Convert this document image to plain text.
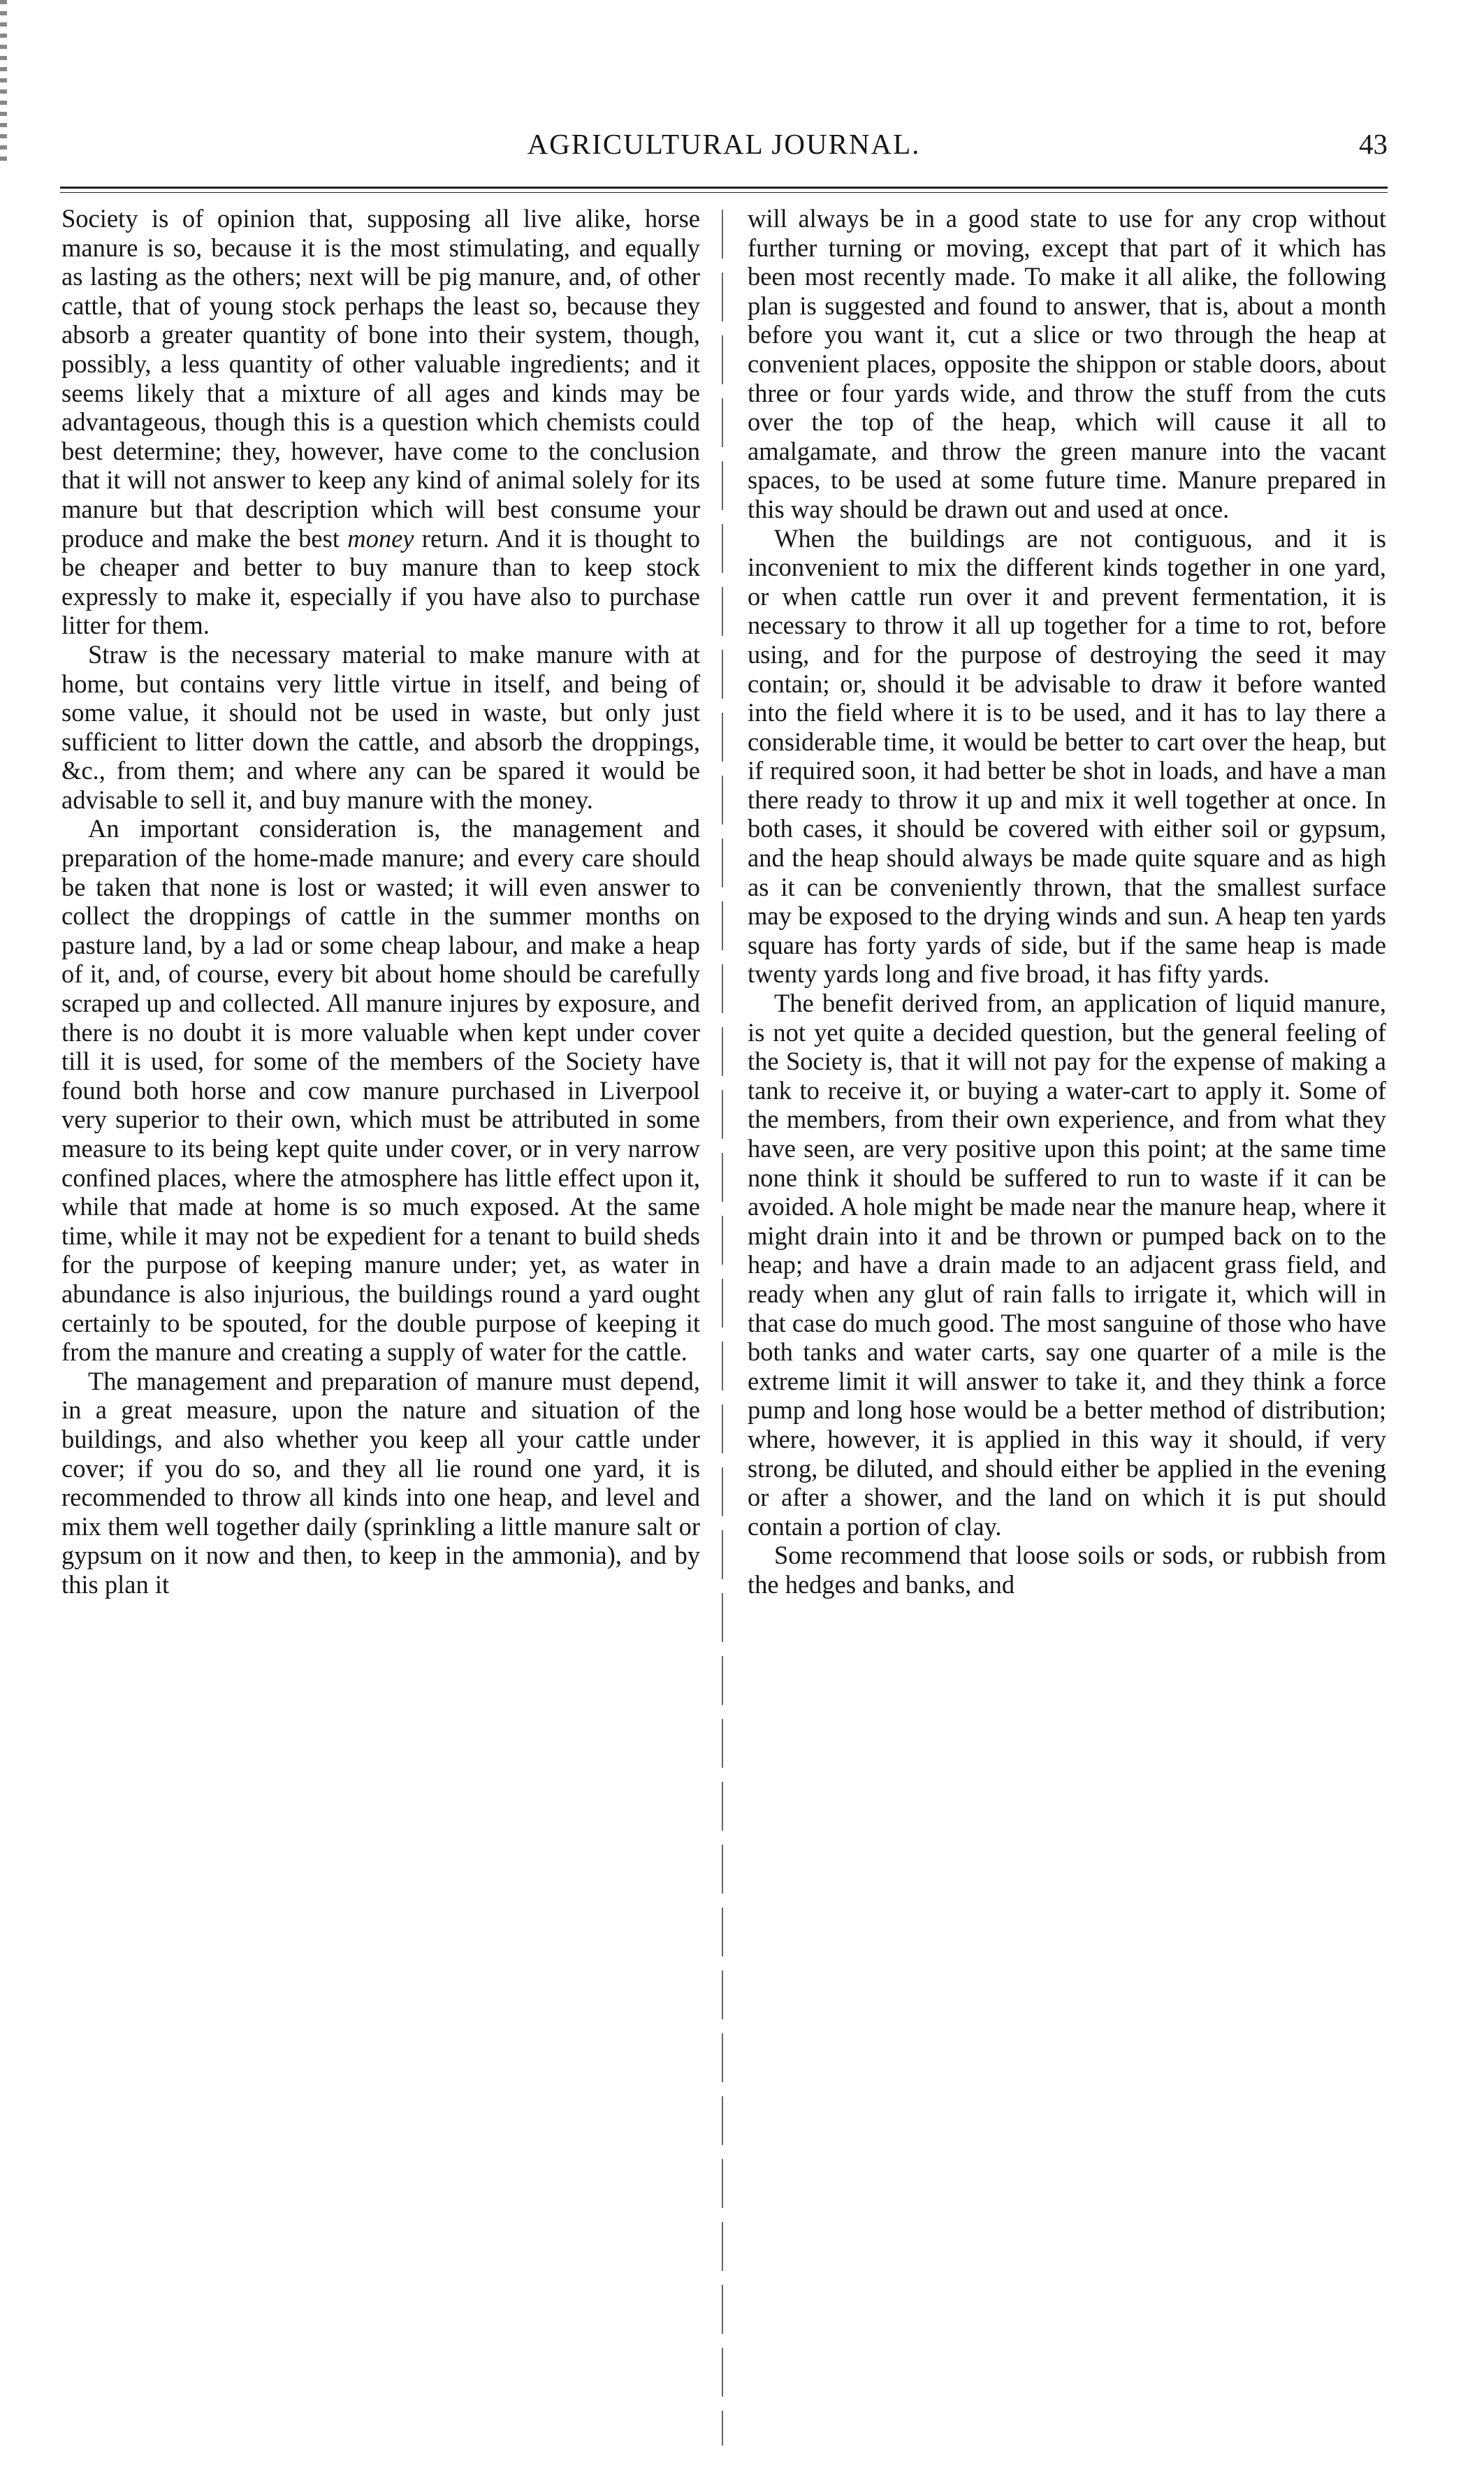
AGRICULTURAL JOURNAL.	43

Society is of opinion that, supposing all live alike, horse manure is so, because it is the most stimulating, and equally as lasting as the others; next will be pig manure, and, of other cattle, that of young stock perhaps the least so, because they absorb a greater quantity of bone into their system, though, possibly, a less quantity of other valuable ingredients; and it seems likely that a mixture of all ages and kinds may be advantageous, though this is a question which chemists could best determine; they, however, have come to the conclusion that it will not answer to keep any kind of animal solely for its manure but that description which will best consume your produce and make the best money return. And it is thought to be cheaper and better to buy manure than to keep stock expressly to make it, especially if you have also to purchase litter for them.

Straw is the necessary material to make manure with at home, but contains very little virtue in itself, and being of some value, it should not be used in waste, but only just sufficient to litter down the cattle, and absorb the droppings, &c., from them; and where any can be spared it would be advisable to sell it, and buy manure with the money.

An important consideration is, the management and preparation of the home-made manure; and every care should be taken that none is lost or wasted; it will even answer to collect the droppings of cattle in the summer months on pasture land, by a lad or some cheap labour, and make a heap of it, and, of course, every bit about home should be carefully scraped up and collected. All manure injures by exposure, and there is no doubt it is more valuable when kept under cover till it is used, for some of the members of the Society have found both horse and cow manure purchased in Liverpool very superior to their own, which must be attributed in some measure to its being kept quite under cover, or in very narrow confined places, where the atmosphere has little effect upon it, while that made at home is so much exposed. At the same time, while it may not be expedient for a tenant to build sheds for the purpose of keeping manure under; yet, as water in abundance is also injurious, the buildings round a yard ought certainly to be spouted, for the double purpose of keeping it from the manure and creating a supply of water for the cattle.

The management and preparation of manure must depend, in a great measure, upon the nature and situation of the buildings, and also whether you keep all your cattle under cover; if you do so, and they all lie round one yard, it is recommended to throw all kinds into one heap, and level and mix them well together daily (sprinkling a little manure salt or gypsum on it now and then, to keep in the ammonia), and by this plan it

will always be in a good state to use for any crop without further turning or moving, except that part of it which has been most recently made. To make it all alike, the following plan is suggested and found to answer, that is, about a month before you want it, cut a slice or two through the heap at convenient places, opposite the shippon or stable doors, about three or four yards wide, and throw the stuff from the cuts over the top of the heap, which will cause it all to amalgamate, and throw the green manure into the vacant spaces, to be used at some future time. Manure prepared in this way should be drawn out and used at once.

When the buildings are not contiguous, and it is inconvenient to mix the different kinds together in one yard, or when cattle run over it and prevent fermentation, it is necessary to throw it all up together for a time to rot, before using, and for the purpose of destroying the seed it may contain; or, should it be advisable to draw it before wanted into the field where it is to be used, and it has to lay there a considerable time, it would be better to cart over the heap, but if required soon, it had better be shot in loads, and have a man there ready to throw it up and mix it well together at once. In both cases, it should be covered with either soil or gypsum, and the heap should always be made quite square and as high as it can be conveniently thrown, that the smallest surface may be exposed to the drying winds and sun. A heap ten yards square has forty yards of side, but if the same heap is made twenty yards long and five broad, it has fifty yards.

The benefit derived from, an application of liquid manure, is not yet quite a decided question, but the general feeling of the Society is, that it will not pay for the expense of making a tank to receive it, or buying a water-cart to apply it. Some of the members, from their own experience, and from what they have seen, are very positive upon this point; at the same time none think it should be suffered to run to waste if it can be avoided. A hole might be made near the manure heap, where it might drain into it and be thrown or pumped back on to the heap; and have a drain made to an adjacent grass field, and ready when any glut of rain falls to irrigate it, which will in that case do much good. The most sanguine of those who have both tanks and water carts, say one quarter of a mile is the extreme limit it will answer to take it, and they think a force pump and long hose would be a better method of distribution; where, however, it is applied in this way it should, if very strong, be diluted, and should either be applied in the evening or after a shower, and the land on which it is put should contain a portion of clay.

Some recommend that loose soils or sods, or rubbish from the hedges and banks, and
